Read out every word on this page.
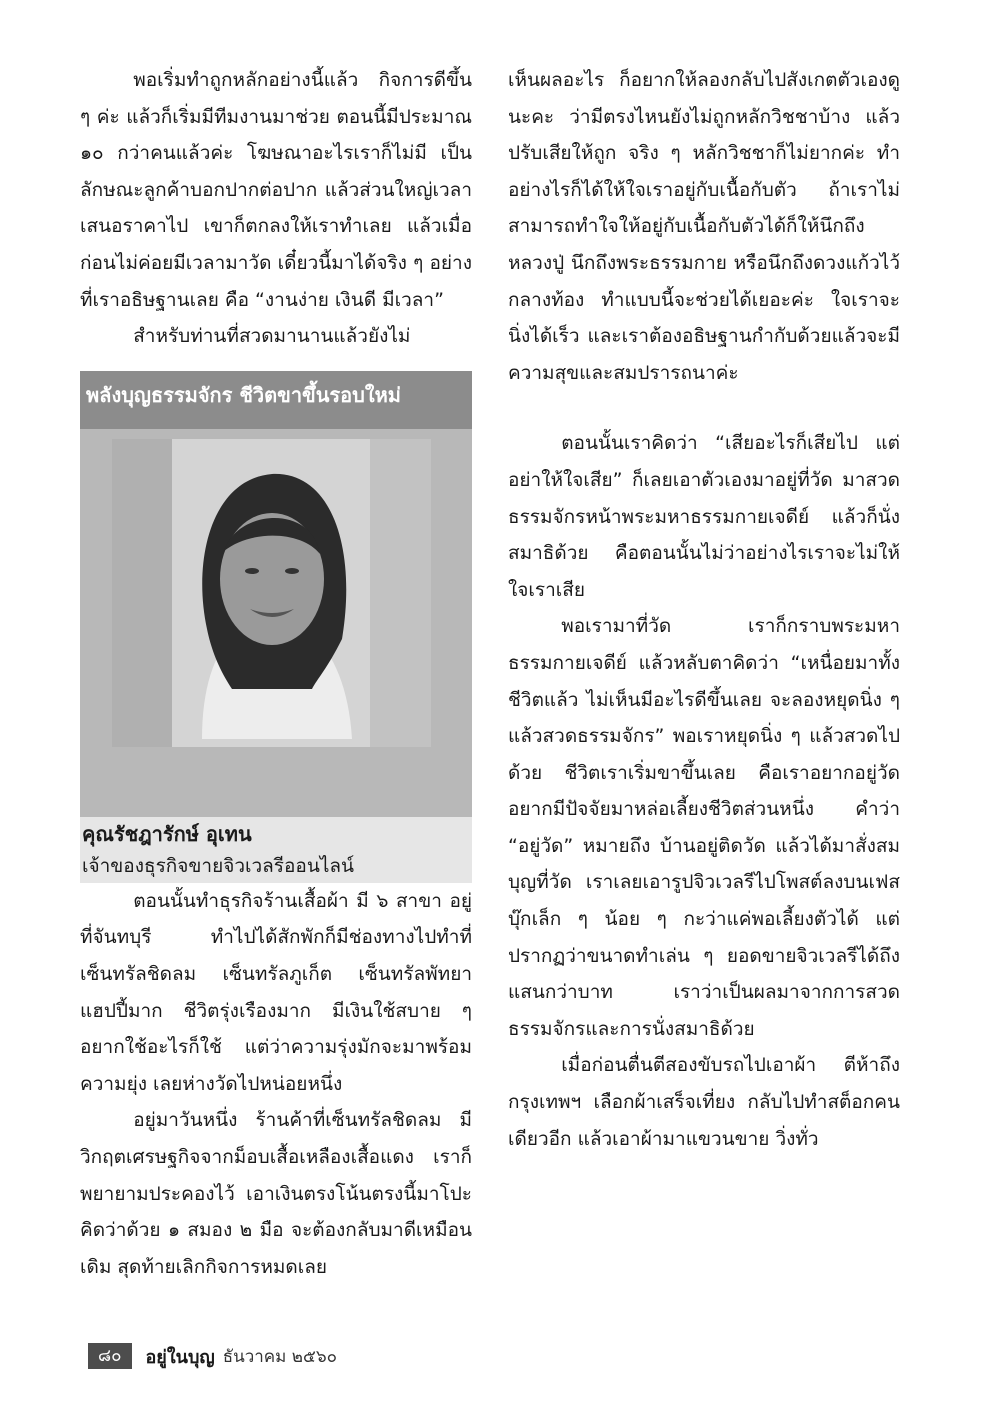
พอเริ่มทำถูกหลักอย่างนี้แล้ว กิจการดีขึ้น ๆ ค่ะ แล้วก็เริ่มมีทีมงานมาช่วย ตอนนี้มีประมาณ ๑๐ กว่าคนแล้วค่ะ โฆษณาอะไรเราก็ไม่มี เป็นลักษณะลูกค้าบอกปากต่อปาก แล้วส่วนใหญ่เวลาเสนอราคาไป เขาก็ตกลงให้เราทำเลย แล้วเมื่อก่อนไม่ค่อยมีเวลามาวัด เดี๋ยวนี้มาได้จริง ๆ อย่างที่เราอธิษฐานเลย คือ “งานง่าย เงินดี มีเวลา”

สำหรับท่านที่สวดมานานแล้วยังไม่

พลังบุญธรรมจักร ชีวิตขาขึ้นรอบใหม่
คุณรัชฎารักษ์ อุเทน
เจ้าของธุรกิจขายจิวเวลรีออนไลน์

ตอนนั้นทำธุรกิจร้านเสื้อผ้า มี ๖ สาขา อยู่ที่จันทบุรี ทำไปได้สักพักก็มีช่องทางไปทำที่เซ็นทรัลชิดลม เซ็นทรัลภูเก็ต เซ็นทรัลพัทยา แฮปปี้มาก ชีวิตรุ่งเรืองมาก มีเงินใช้สบาย ๆ อยากใช้อะไรก็ใช้ แต่ว่าความรุ่งมักจะมาพร้อมความยุ่ง เลยห่างวัดไปหน่อยหนึ่ง

อยู่มาวันหนึ่ง ร้านค้าที่เซ็นทรัลชิดลม มีวิกฤตเศรษฐกิจจากม็อบเสื้อเหลืองเสื้อแดง เราก็พยายามประคองไว้ เอาเงินตรงโน้นตรงนี้มาโปะ คิดว่าด้วย ๑ สมอง ๒ มือ จะต้องกลับมาดีเหมือนเดิม สุดท้ายเลิกกิจการหมดเลย

เห็นผลอะไร ก็อยากให้ลองกลับไปสังเกตตัวเองดูนะคะ ว่ามีตรงไหนยังไม่ถูกหลักวิชชาบ้าง แล้วปรับเสียให้ถูก จริง ๆ หลักวิชชาก็ไม่ยากค่ะ ทำอย่างไรก็ได้ให้ใจเราอยู่กับเนื้อกับตัว ถ้าเราไม่สามารถทำใจให้อยู่กับเนื้อกับตัวได้ก็ให้นึกถึงหลวงปู่ นึกถึงพระธรรมกาย หรือนึกถึงดวงแก้วไว้กลางท้อง ทำแบบนี้จะช่วยได้เยอะค่ะ ใจเราจะนิ่งได้เร็ว และเราต้องอธิษฐานกำกับด้วยแล้วจะมีความสุขและสมปรารถนาค่ะ

ตอนนั้นเราคิดว่า “เสียอะไรก็เสียไป แต่อย่าให้ใจเสีย” ก็เลยเอาตัวเองมาอยู่ที่วัด มาสวดธรรมจักรหน้าพระมหาธรรมกายเจดีย์ แล้วก็นั่งสมาธิด้วย คือตอนนั้นไม่ว่าอย่างไรเราจะไม่ให้ใจเราเสีย

พอเรามาที่วัด เราก็กราบพระมหาธรรมกายเจดีย์ แล้วหลับตาคิดว่า “เหนื่อยมาทั้งชีวิตแล้ว ไม่เห็นมีอะไรดีขึ้นเลย จะลองหยุดนิ่ง ๆ แล้วสวดธรรมจักร” พอเราหยุดนิ่ง ๆ แล้วสวดไปด้วย ชีวิตเราเริ่มขาขึ้นเลย คือเราอยากอยู่วัด อยากมีปัจจัยมาหล่อเลี้ยงชีวิตส่วนหนึ่ง คำว่า “อยู่วัด” หมายถึง บ้านอยู่ติดวัด แล้วได้มาสั่งสมบุญที่วัด เราเลยเอารูปจิวเวลรีไปโพสต์ลงบนเฟสบุ๊กเล็ก ๆ น้อย ๆ กะว่าแค่พอเลี้ยงตัวได้ แต่ปรากฏว่าขนาดทำเล่น ๆ ยอดขายจิวเวลรีได้ถึงแสนกว่าบาท เราว่าเป็นผลมาจากการสวดธรรมจักรและการนั่งสมาธิด้วย

เมื่อก่อนตื่นตีสองขับรถไปเอาผ้า ตีห้าถึงกรุงเทพฯ เลือกผ้าเสร็จเที่ยง กลับไปทำสต็อกคนเดียวอีก แล้วเอาผ้ามาแขวนขาย วิ่งทั่ว

๘๐	อยู่ในบุญ ธันวาคม ๒๕๖๐
